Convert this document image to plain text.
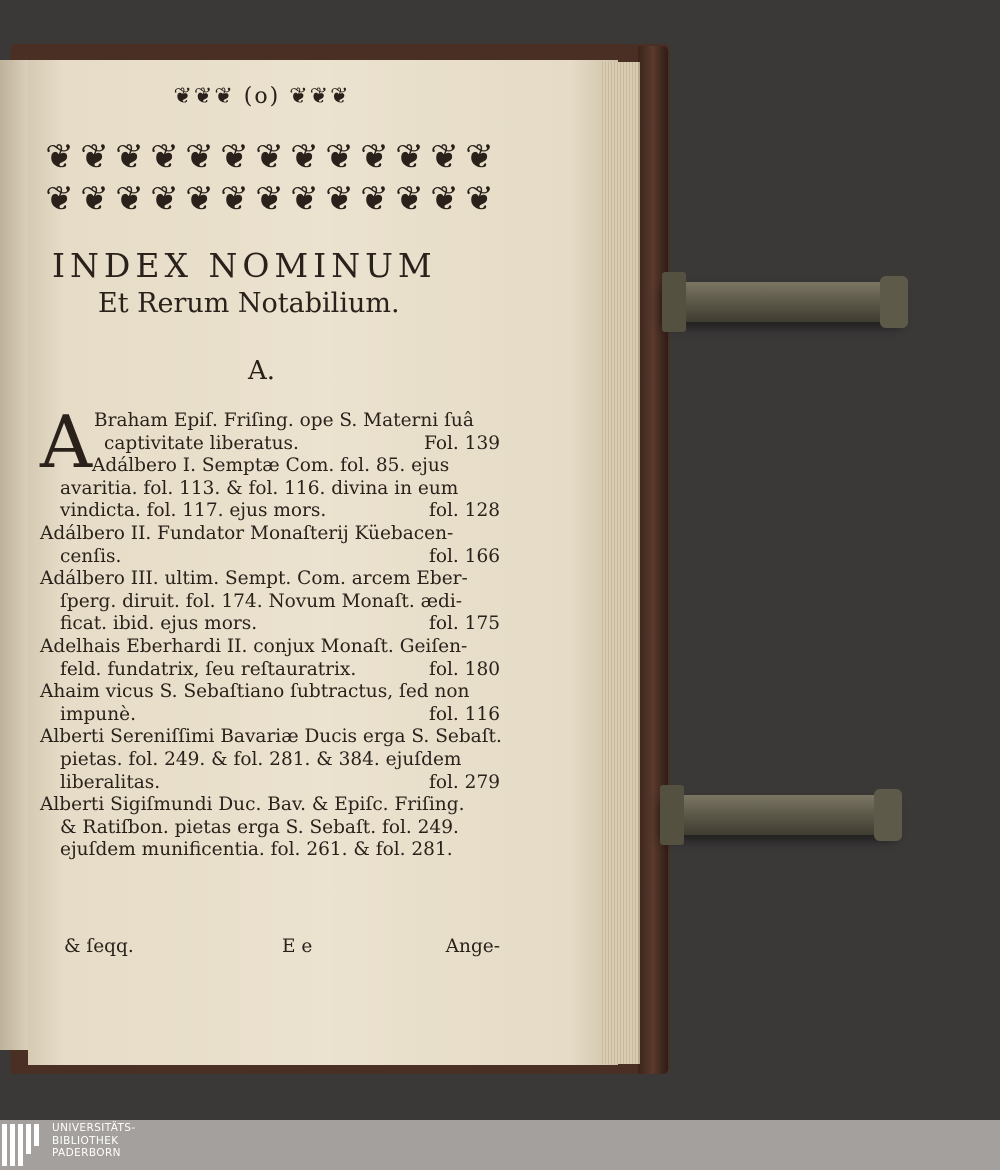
❦❦❦ (o) ❦❦❦
❦ ❦ ❦ ❦ ❦ ❦ ❦ ❦ ❦ ❦ ❦ ❦ ❦
❦ ❦ ❦ ❦ ❦ ❦ ❦ ❦ ❦ ❦ ❦ ❦ ❦
INDEX NOMINUM
Et Rerum Notabilium.
A.
A Braham Epiſ. Friſing. ope S. Materni ſuâ
captivitate liberatus.	Fol. 139
Adálbero I. Semptæ Com. fol. 85. ejus
avaritia. fol. 113. & fol. 116. divina in eum
vindicta. fol. 117. ejus mors.	fol. 128
Adálbero II. Fundator Monaſterij Küebacen-
cenſis.	fol. 166
Adálbero III. ultim. Sempt. Com. arcem Eber-
ſperg. diruit. fol. 174. Novum Monaſt. ædi-
ficat. ibid. ejus mors.	fol. 175
Adelhais Eberhardi II. conjux Monaſt. Geiſen-
feld. fundatrix, ſeu reſtauratrix.	fol. 180
Ahaim vicus S. Sebaſtiano ſubtractus, ſed non
impunè.	fol. 116
Alberti Sereniſſimi Bavariæ Ducis erga S. Sebaſt.
pietas. fol. 249. & fol. 281. & 384. ejuſdem
liberalitas.	fol. 279
Alberti Sigiſmundi Duc. Bav. & Epiſc. Friſing.
& Ratiſbon. pietas erga S. Sebaſt. fol. 249.
ejuſdem munificentia. fol. 261. & fol. 281.
& ſeqq.	E e	Ange-
UNIVERSITÄTS-
BIBLIOTHEK
PADERBORN
